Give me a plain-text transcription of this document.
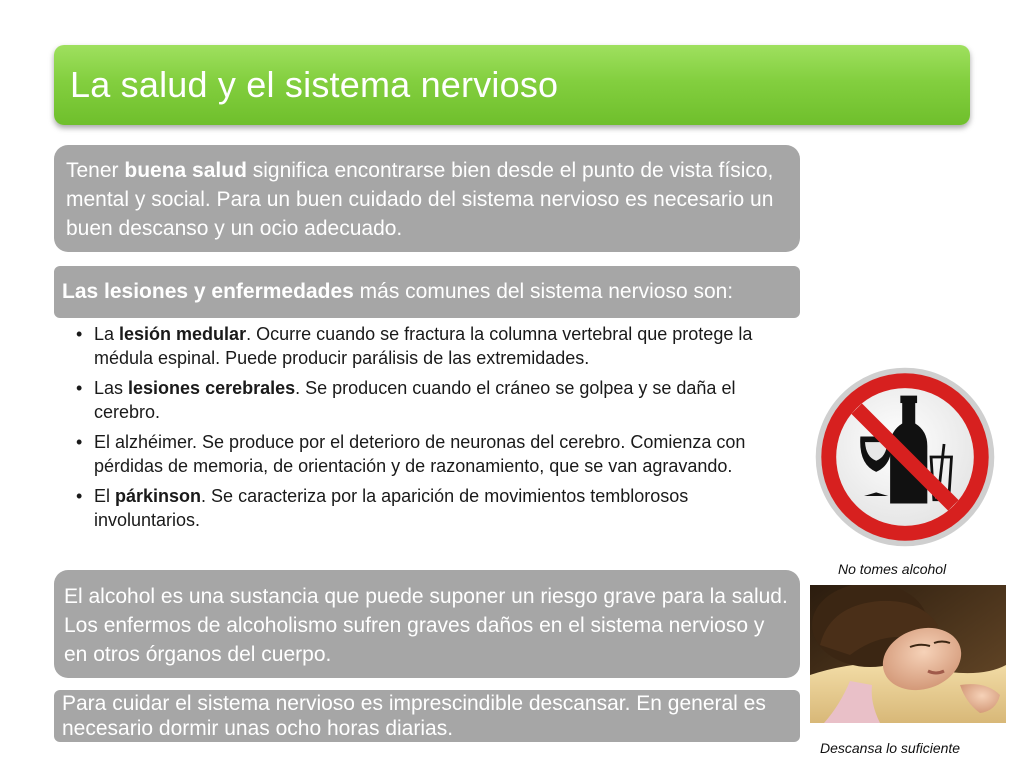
La salud y el sistema nervioso
Tener buena salud significa encontrarse bien desde el punto de vista físico, mental y social. Para un buen cuidado del sistema nervioso es necesario un buen descanso y un ocio adecuado.
Las lesiones y enfermedades más comunes del sistema nervioso son:
• La lesión medular. Ocurre cuando se fractura la columna vertebral que protege la médula espinal. Puede producir parálisis de las extremidades.
• Las lesiones cerebrales. Se producen cuando el cráneo se golpea y se daña el cerebro.
• El alzhéimer. Se produce por el deterioro de neuronas del cerebro. Comienza con pérdidas de memoria, de orientación y de razonamiento, que se van agravando.
• El párkinson. Se caracteriza por la aparición de movimientos temblorosos involuntarios.
El alcohol es una sustancia que puede suponer un riesgo grave para la salud. Los enfermos de alcoholismo sufren graves daños en el sistema nervioso y en otros órganos del cuerpo.
Para cuidar el sistema nervioso es imprescindible descansar. En general es necesario dormir unas ocho horas diarias.
No tomes alcohol
Descansa lo suficiente
